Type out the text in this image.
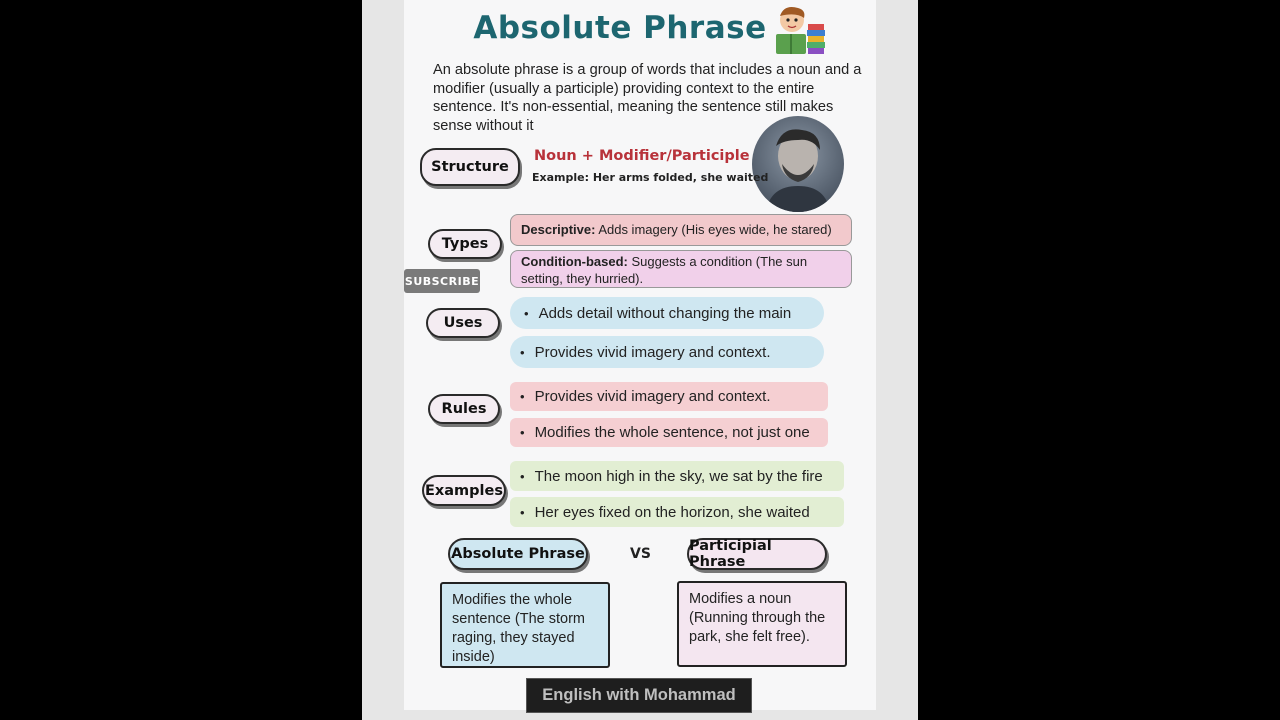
Absolute Phrase
An absolute phrase is a group of words that includes a noun and a modifier (usually a participle) providing context to the entire sentence. It's non-essential, meaning the sentence still makes sense without it
Structure
Noun + Modifier/Participle
Example: Her arms folded, she waited
Types
Descriptive: Adds imagery (His eyes wide, he stared)
Condition-based: Suggests a condition (The sun setting, they hurried).
SUBSCRIBE
Uses
• Adds detail without changing the main
• Provides vivid imagery and context.
Rules
• Provides vivid imagery and context.
• Modifies the whole sentence, not just one
Examples
• The moon high in the sky, we sat by the fire
• Her eyes fixed on the horizon, she waited
Absolute Phrase	VS	Participial Phrase
Modifies the whole sentence (The storm raging, they stayed inside)
Modifies a noun (Running through the park, she felt free).
English with Mohammad
